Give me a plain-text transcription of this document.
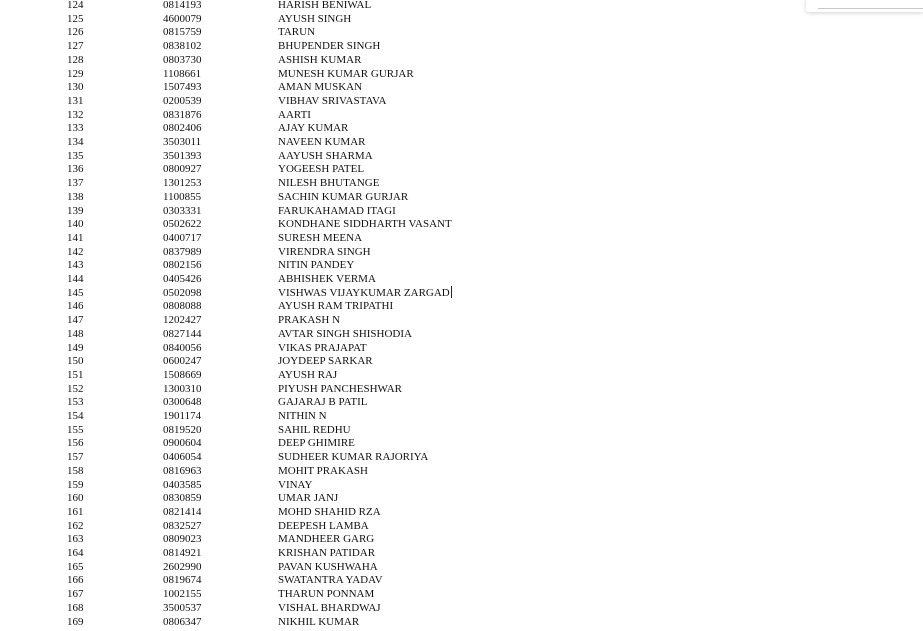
124	0814193	HARISH BENIWAL
125	4600079	AYUSH SINGH
126	0815759	TARUN
127	0838102	BHUPENDER SINGH
128	0803730	ASHISH KUMAR
129	1108661	MUNESH KUMAR GURJAR
130	1507493	AMAN MUSKAN
131	0200539	VIBHAV SRIVASTAVA
132	0831876	AARTI
133	0802406	AJAY KUMAR
134	3503011	NAVEEN KUMAR
135	3501393	AAYUSH SHARMA
136	0800927	YOGEESH PATEL
137	1301253	NILESH BHUTANGE
138	1100855	SACHIN KUMAR GURJAR
139	0303331	FARUKAHAMAD ITAGI
140	0502622	KONDHANE SIDDHARTH VASANT
141	0400717	SURESH MEENA
142	0837989	VIRENDRA SINGH
143	0802156	NITIN PANDEY
144	0405426	ABHISHEK VERMA
145	0502098	VISHWAS VIJAYKUMAR ZARGAD
146	0808088	AYUSH RAM TRIPATHI
147	1202427	PRAKASH N
148	0827144	AVTAR SINGH SHISHODIA
149	0840056	VIKAS PRAJAPAT
150	0600247	JOYDEEP SARKAR
151	1508669	AYUSH RAJ
152	1300310	PIYUSH PANCHESHWAR
153	0300648	GAJARAJ B PATIL
154	1901174	NITHIN N
155	0819520	SAHIL REDHU
156	0900604	DEEP GHIMIRE
157	0406054	SUDHEER KUMAR RAJORIYA
158	0816963	MOHIT PRAKASH
159	0403585	VINAY
160	0830859	UMAR JANJ
161	0821414	MOHD SHAHID RZA
162	0832527	DEEPESH LAMBA
163	0809023	MANDHEER GARG
164	0814921	KRISHAN PATIDAR
165	2602990	PAVAN KUSHWAHA
166	0819674	SWATANTRA YADAV
167	1002155	THARUN PONNAM
168	3500537	VISHAL BHARDWAJ
169	0806347	NIKHIL KUMAR
